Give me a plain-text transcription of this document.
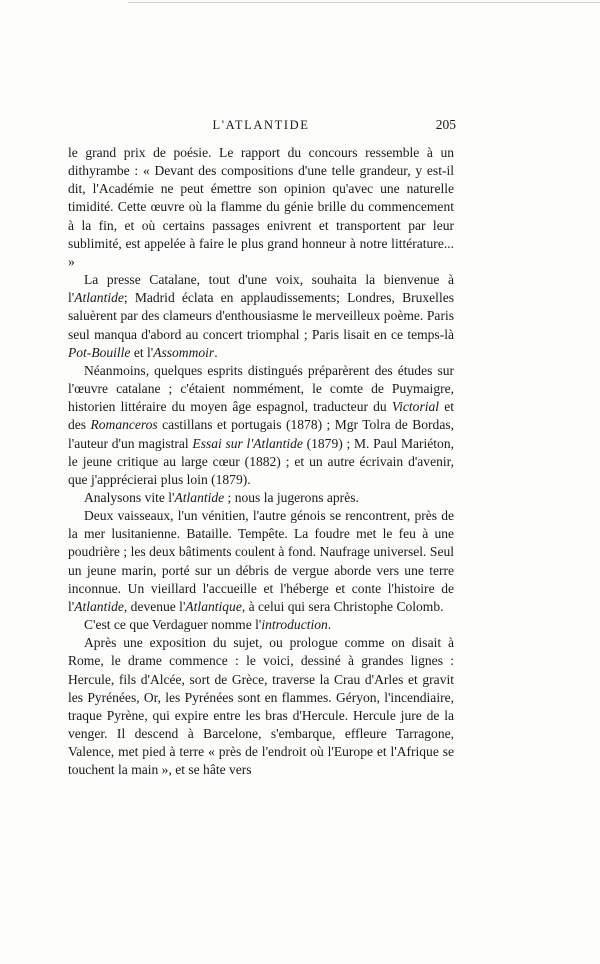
L'ATLANTIDE	205

le grand prix de poésie. Le rapport du concours ressemble à un dithyrambe : « Devant des compositions d'une telle grandeur, y est-il dit, l'Académie ne peut émettre son opinion qu'avec une naturelle timidité. Cette œuvre où la flamme du génie brille du commencement à la fin, et où certains passages enivrent et transportent par leur sublimité, est appelée à faire le plus grand honneur à notre littérature... »

La presse Catalane, tout d'une voix, souhaita la bienvenue à l'Atlantide; Madrid éclata en applaudissements; Londres, Bruxelles saluèrent par des clameurs d'enthousiasme le merveilleux poème. Paris seul manqua d'abord au concert triomphal ; Paris lisait en ce temps-là Pot-Bouille et l'Assommoir.

Néanmoins, quelques esprits distingués préparèrent des études sur l'œuvre catalane ; c'étaient nommément, le comte de Puymaigre, historien littéraire du moyen âge espagnol, traducteur du Victorial et des Romanceros castillans et portugais (1878) ; Mgr Tolra de Bordas, l'auteur d'un magistral Essai sur l'Atlantide (1879) ; M. Paul Mariéton, le jeune critique au large cœur (1882) ; et un autre écrivain d'avenir, que j'apprécierai plus loin (1879).

Analysons vite l'Atlantide ; nous la jugerons après.

Deux vaisseaux, l'un vénitien, l'autre génois se rencontrent, près de la mer lusitanienne. Bataille. Tempête. La foudre met le feu à une poudrière ; les deux bâtiments coulent à fond. Naufrage universel. Seul un jeune marin, porté sur un débris de vergue aborde vers une terre inconnue. Un vieillard l'accueille et l'héberge et conte l'histoire de l'Atlantide, devenue l'Atlantique, à celui qui sera Christophe Colomb.

C'est ce que Verdaguer nomme l'introduction.

Après une exposition du sujet, ou prologue comme on disait à Rome, le drame commence : le voici, dessiné à grandes lignes : Hercule, fils d'Alcée, sort de Grèce, traverse la Crau d'Arles et gravit les Pyrénées, Or, les Pyrénées sont en flammes. Géryon, l'incendiaire, traque Pyrène, qui expire entre les bras d'Hercule. Hercule jure de la venger. Il descend à Barcelone, s'embarque, effleure Tarragone, Valence, met pied à terre « près de l'endroit où l'Europe et l'Afrique se touchent la main », et se hâte vers
